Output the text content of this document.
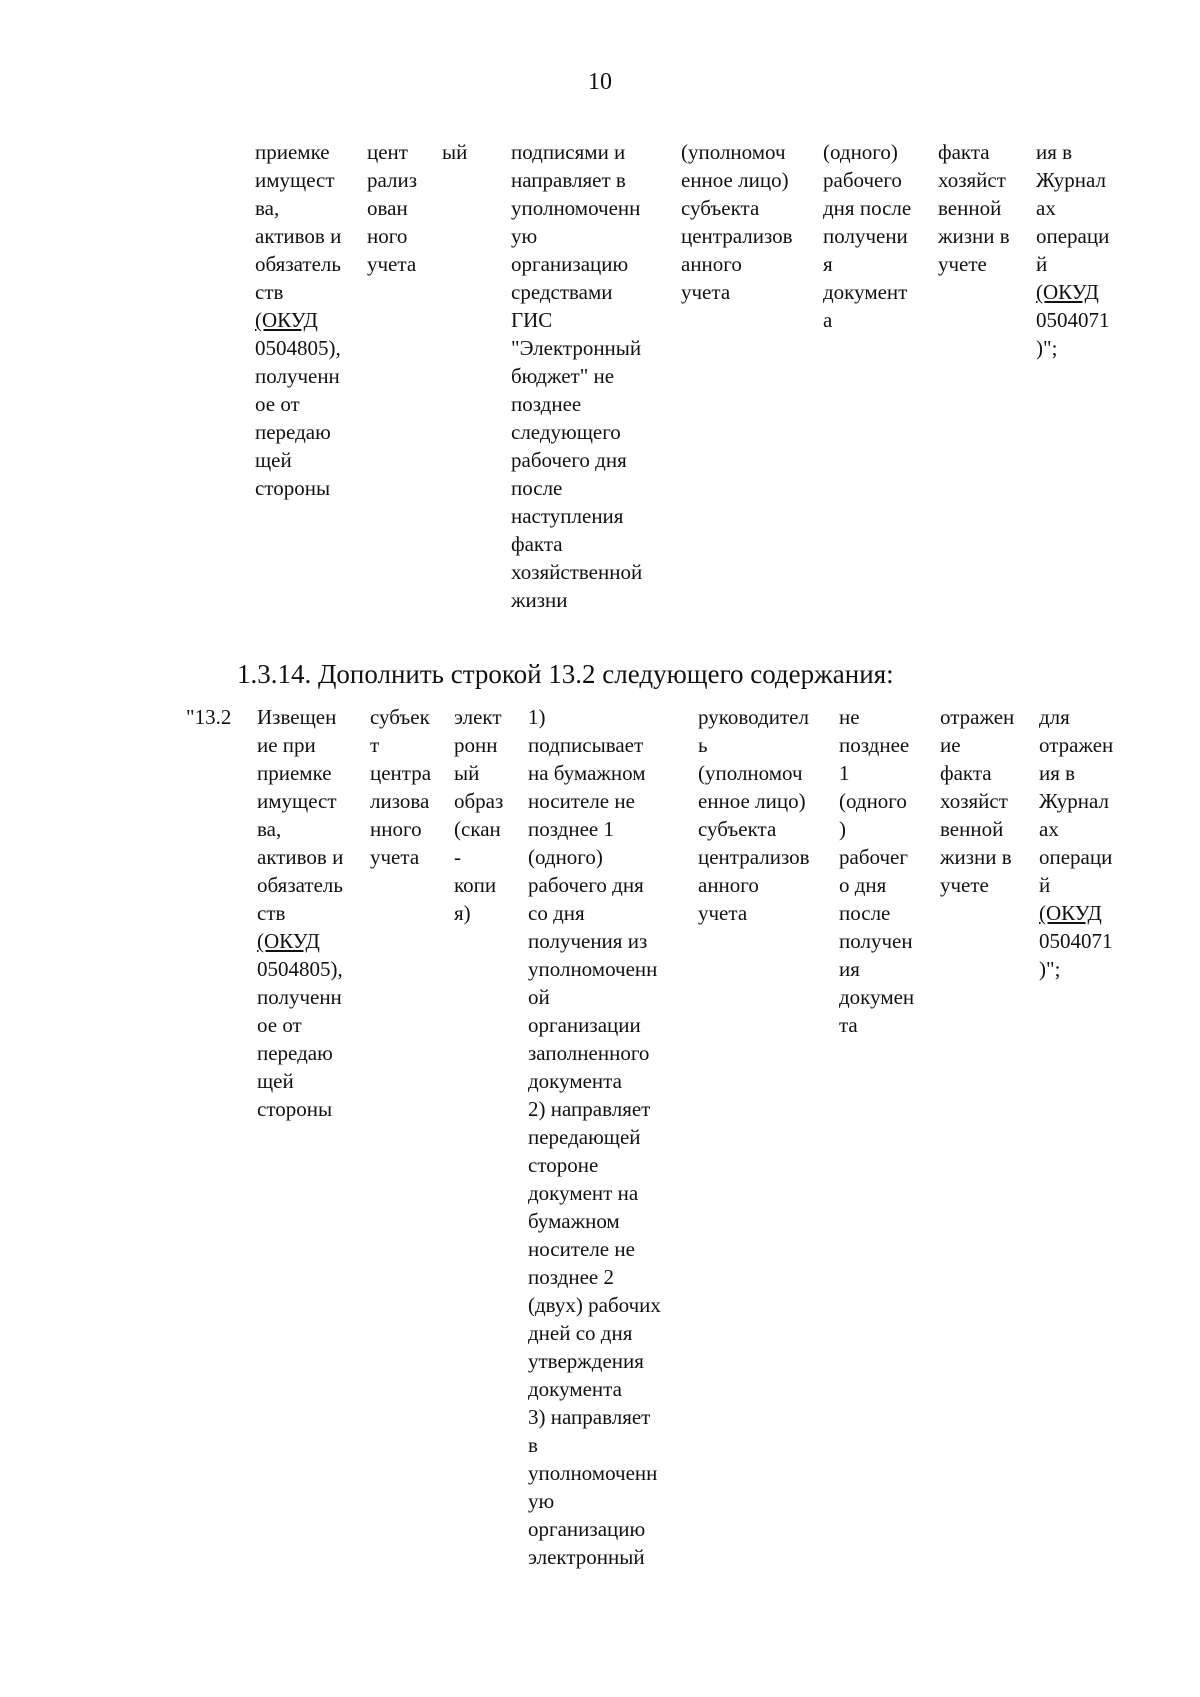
10
приемке
имущест
ва,
активов и
обязатель
ств
(ОКУД
0504805),
полученн
ое от
передаю
щей
стороны
цент
рализ
ован
ного
учета
ый подписями и
направляет в
уполномоченн
ую
организацию
средствами
ГИС
"Электронный
бюджет" не
позднее
следующего
рабочего дня
после
наступления
факта
хозяйственной
жизни
(уполномоч
енное лицо)
субъекта
централизов
анного
учета
(одного)
рабочего
дня после
получени
я
документ
а
факта
хозяйст
венной
жизни в
учете
ия в
Журнал
ах
операци
й
(ОКУД
0504071
)";
1.3.14. Дополнить строкой 13.2 следующего содержания:
"13.2 Извещен
ие при
приемке
имущест
ва,
активов и
обязатель
ств
(ОКУД
0504805),
полученн
ое от
передаю
щей
стороны
субъек
т
центра
лизова
нного
учета
элект
ронн
ый
образ
(скан
-
копи
я)
1)
подписывает
на бумажном
носителе не
позднее 1
(одного)
рабочего дня
со дня
получения из
уполномоченн
ой
организации
заполненного
документа
2) направляет
передающей
стороне
документ на
бумажном
носителе не
позднее 2
(двух) рабочих
дней со дня
утверждения
документа
3) направляет
в
уполномоченн
ую
организацию
электронный
руководител
ь
(уполномоч
енное лицо)
субъекта
централизов
анного
учета
не
позднее
1
(одного
)
рабочег
о дня
после
получен
ия
докумен
та
отражен
ие
факта
хозяйст
венной
жизни в
учете
для
отражен
ия в
Журнал
ах
операци
й
(ОКУД
0504071
)";
